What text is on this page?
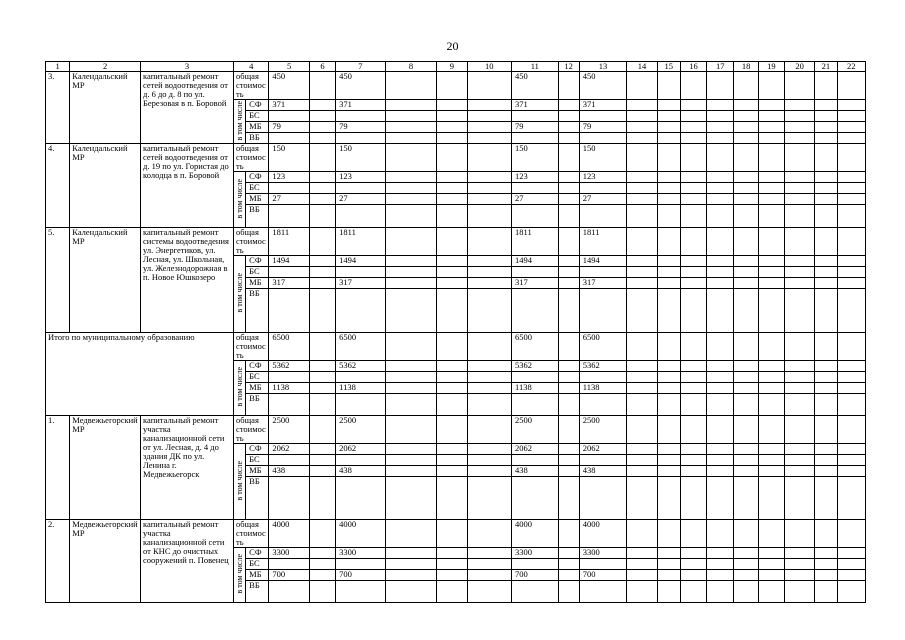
20
1	2	3	4		5	6	7	8	9	10	11	12	13	14	15	16	17	18	19	20	21	22
3.	Календальский МР	капитальный ремонт сетей водоотведения от д. 6 до д. 8 по ул. Березовая в п. Боровой	общая стоимость		450		450				450		450									
			в том числе	СФ	371		371				371		371									
				БС																		
				МБ	79		79				79		79									
				ВБ																		
4.	Календальский МР	капитальный ремонт сетей водоотведения от д. 19 по ул. Гористая до колодца в п. Боровой	общая стоимость		150		150				150		150									
			в том числе	СФ	123		123				123		123									
				БС																		
				МБ	27		27				27		27									
				ВБ																		
5.	Календальский МР	капитальный ремонт системы водоотведения ул. Энергетиков, ул. Лесная, ул. Школьная, ул. Железнодорожная в п. Новое Юшкозеро	общая стоимость		1811		1811				1811		1811									
			в том числе	СФ	1494		1494				1494		1494									
				БС																		
				МБ	317		317				317		317									
				ВБ																		
Итого по муниципальному образованию			общая стоимость		6500		6500				6500		6500									
			в том числе	СФ	5362		5362				5362		5362									
				БС																		
				МБ	1138		1138				1138		1138									
				ВБ																		
1.	Медвежьегорский МР	капитальный ремонт участка канализационной сети от ул. Лесная, д. 4 до здания ДК по ул. Ленина г. Медвежьегорск	общая стоимость		2500		2500				2500		2500									
			в том числе	СФ	2062		2062				2062		2062									
				БС																		
				МБ	438		438				438		438									
				ВБ																		
2.	Медвежьегорский МР	капитальный ремонт участка канализационной сети от КНС до очистных сооружений п. Повенец	общая стоимость		4000		4000				4000		4000									
			в том числе	СФ	3300		3300				3300		3300									
				БС																		
				МБ	700		700				700		700									
				ВБ																		
